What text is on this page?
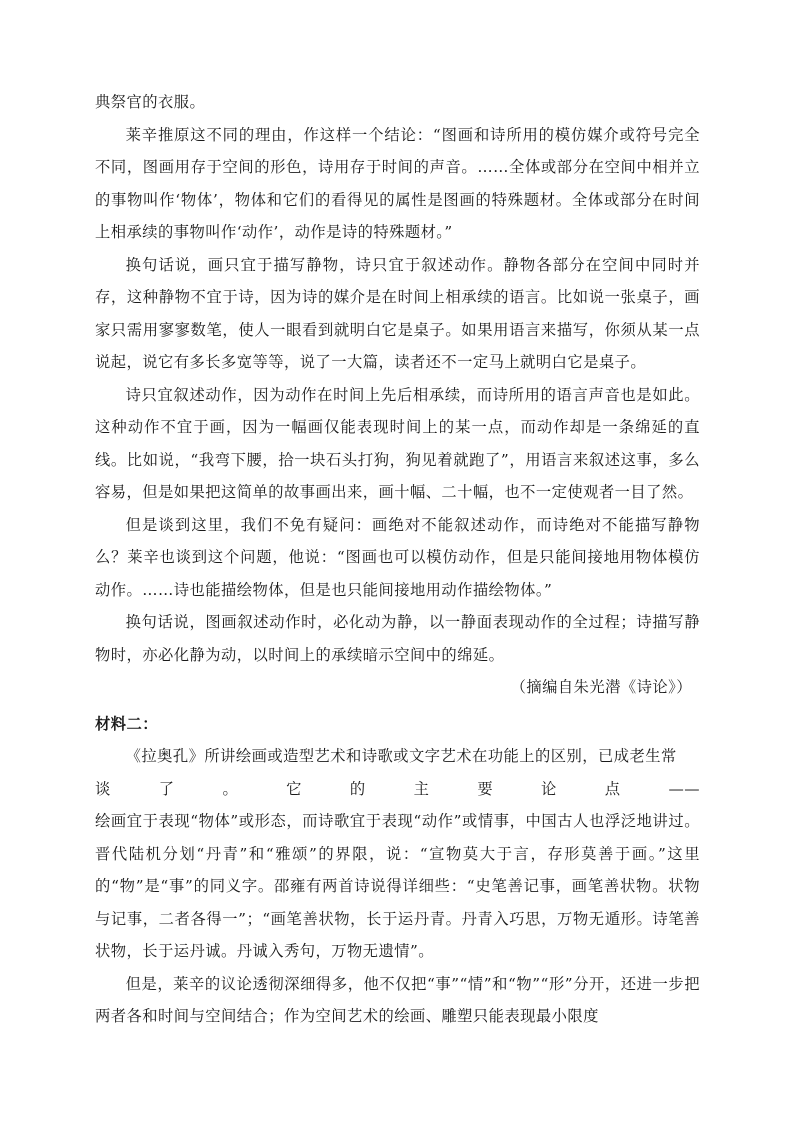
典祭官的衣服。

莱辛推原这不同的理由，作这样一个结论：“图画和诗所用的模仿媒介或符号完全不同，图画用存于空间的形色，诗用存于时间的声音。……全体或部分在空间中相并立的事物叫作‘物体’，物体和它们的看得见的属性是图画的特殊题材。全体或部分在时间上相承续的事物叫作‘动作’，动作是诗的特殊题材。”

换句话说，画只宜于描写静物，诗只宜于叙述动作。静物各部分在空间中同时并存，这种静物不宜于诗，因为诗的媒介是在时间上相承续的语言。比如说一张桌子，画家只需用寥寥数笔，使人一眼看到就明白它是桌子。如果用语言来描写，你须从某一点说起，说它有多长多宽等等，说了一大篇，读者还不一定马上就明白它是桌子。

诗只宜叙述动作，因为动作在时间上先后相承续，而诗所用的语言声音也是如此。这种动作不宜于画，因为一幅画仅能表现时间上的某一点，而动作却是一条绵延的直线。比如说，“我弯下腰，拾一块石头打狗，狗见着就跑了”，用语言来叙述这事，多么容易，但是如果把这简单的故事画出来，画十幅、二十幅，也不一定使观者一目了然。

但是谈到这里，我们不免有疑问：画绝对不能叙述动作，而诗绝对不能描写静物么？莱辛也谈到这个问题，他说：“图画也可以模仿动作，但是只能间接地用物体模仿动作。……诗也能描绘物体，但是也只能间接地用动作描绘物体。”

换句话说，图画叙述动作时，必化动为静，以一静面表现动作的全过程；诗描写静物时，亦必化静为动，以时间上的承续暗示空间中的绵延。

（摘编自朱光潜《诗论》）

材料二：

《拉奥孔》所讲绘画或造型艺术和诗歌或文字艺术在功能上的区别，已成老生常

谈	了	。	它	的	主	要	论	点	——

绘画宜于表现“物体”或形态，而诗歌宜于表现“动作”或情事，中国古人也浮泛地讲过。晋代陆机分划“丹青”和“雅颂”的界限，说：“宣物莫大于言，存形莫善于画。”这里的“物”是“事”的同义字。邵雍有两首诗说得详细些：“史笔善记事，画笔善状物。状物与记事，二者各得一”；“画笔善状物，长于运丹青。丹青入巧思，万物无遁形。诗笔善状物，长于运丹诚。丹诚入秀句，万物无遗情”。

但是，莱辛的议论透彻深细得多，他不仅把“事”“情”和“物”“形”分开，还进一步把两者各和时间与空间结合；作为空间艺术的绘画、雕塑只能表现最小限度
